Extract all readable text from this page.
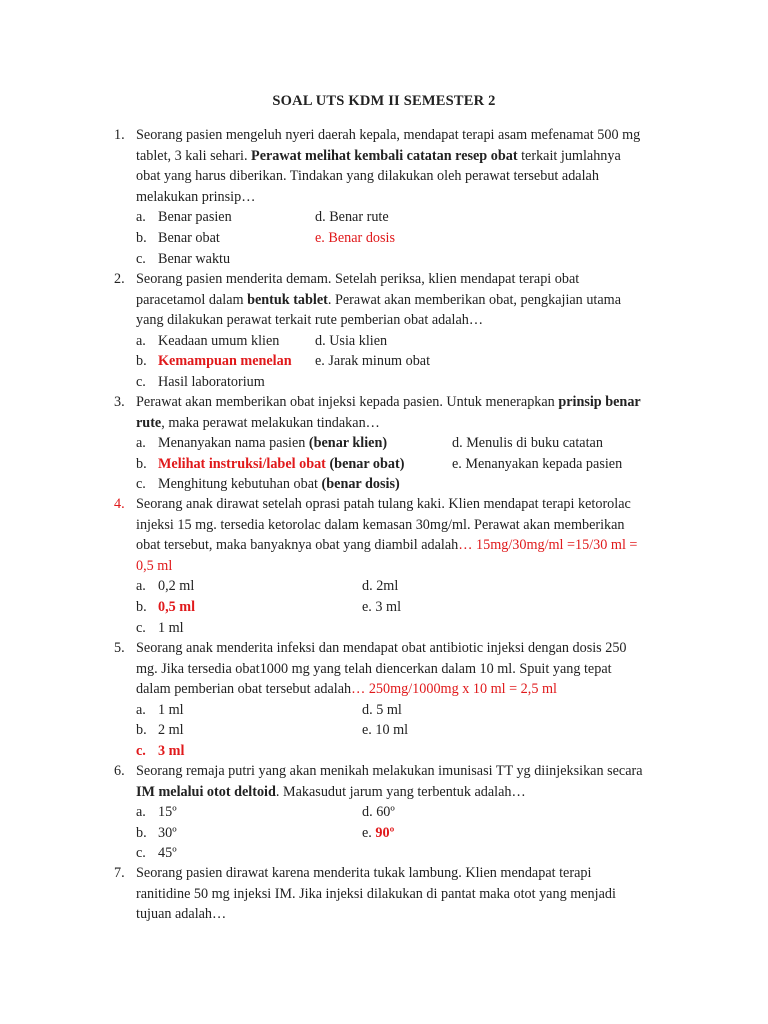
SOAL UTS KDM II SEMESTER 2
1. Seorang pasien mengeluh nyeri daerah kepala, mendapat terapi asam mefenamat 500 mg
tablet, 3 kali sehari. Perawat melihat kembali catatan resep obat terkait jumlahnya
obat yang harus diberikan. Tindakan yang dilakukan oleh perawat tersebut adalah
melakukan prinsip…
a. Benar pasien	d. Benar rute
b. Benar obat	e. Benar dosis
c. Benar waktu
2. Seorang pasien menderita demam. Setelah periksa, klien mendapat terapi obat
paracetamol dalam bentuk tablet. Perawat akan memberikan obat, pengkajian utama
yang dilakukan perawat terkait rute pemberian obat adalah…
a. Keadaan umum klien	d. Usia klien
b. Kemampuan menelan e. Jarak minum obat
c. Hasil laboratorium
3. Perawat akan memberikan obat injeksi kepada pasien. Untuk menerapkan prinsip benar
rute, maka perawat melakukan tindakan…
a. Menanyakan nama pasien (benar klien)	d. Menulis di buku catatan
b. Melihat instruksi/label obat (benar obat)	e. Menanyakan kepada pasien
c. Menghitung kebutuhan obat (benar dosis)
4. Seorang anak dirawat setelah oprasi patah tulang kaki. Klien mendapat terapi ketorolac
injeksi 15 mg. tersedia ketorolac dalam kemasan 30mg/ml. Perawat akan memberikan
obat tersebut, maka banyaknya obat yang diambil adalah… 15mg/30mg/ml =15/30 ml =
0,5 ml
a. 0,2 ml	d. 2ml
b. 0,5 ml	e. 3 ml
c. 1 ml
5. Seorang anak menderita infeksi dan mendapat obat antibiotic injeksi dengan dosis 250
mg. Jika tersedia obat1000 mg yang telah diencerkan dalam 10 ml. Spuit yang tepat
dalam pemberian obat tersebut adalah… 250mg/1000mg x 10 ml = 2,5 ml
a. 1 ml	d. 5 ml
b. 2 ml	e. 10 ml
c. 3 ml
6. Seorang remaja putri yang akan menikah melakukan imunisasi TT yg diinjeksikan secara
IM melalui otot deltoid. Makasudut jarum yang terbentuk adalah…
a. 15º	d. 60º
b. 30º	e. 90º
c. 45º
7. Seorang pasien dirawat karena menderita tukak lambung. Klien mendapat terapi
ranitidine 50 mg injeksi IM. Jika injeksi dilakukan di pantat maka otot yang menjadi
tujuan adalah…
